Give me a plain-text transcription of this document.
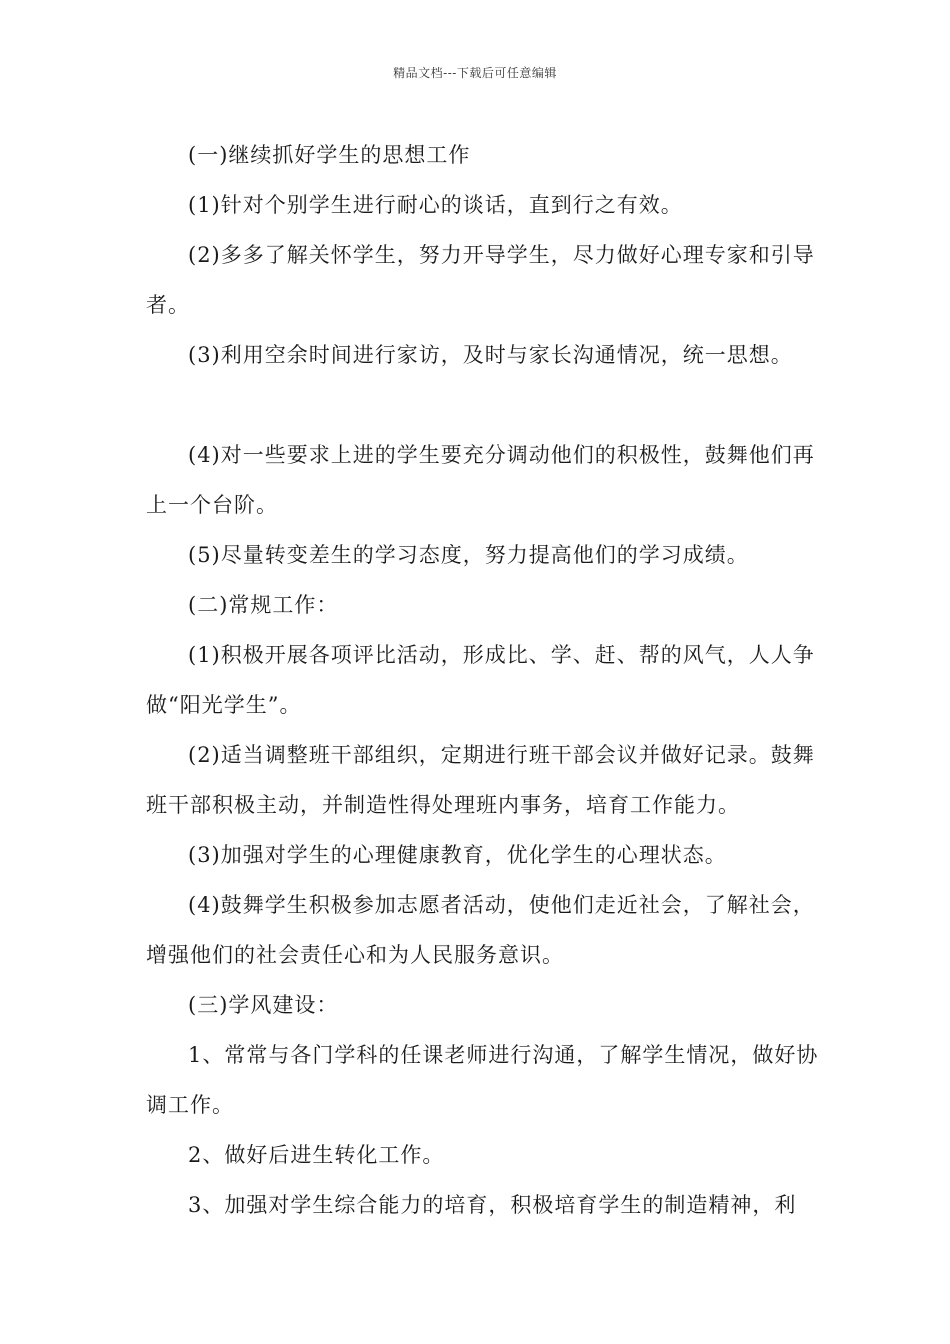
精品文档---下载后可任意编辑

(一)继续抓好学生的思想工作

(1)针对个别学生进行耐心的谈话，直到行之有效。

(2)多多了解关怀学生，努力开导学生，尽力做好心理专家和引导者。

(3)利用空余时间进行家访，及时与家长沟通情况，统一思想。

(4)对一些要求上进的学生要充分调动他们的积极性，鼓舞他们再上一个台阶。

(5)尽量转变差生的学习态度，努力提高他们的学习成绩。

(二)常规工作：

(1)积极开展各项评比活动，形成比、学、赶、帮的风气，人人争做“阳光学生”。

(2)适当调整班干部组织，定期进行班干部会议并做好记录。鼓舞班干部积极主动，并制造性得处理班内事务，培育工作能力。

(3)加强对学生的心理健康教育，优化学生的心理状态。

(4)鼓舞学生积极参加志愿者活动，使他们走近社会，了解社会，增强他们的社会责任心和为人民服务意识。

(三)学风建设：

1、常常与各门学科的任课老师进行沟通，了解学生情况，做好协调工作。

2、做好后进生转化工作。

3、加强对学生综合能力的培育，积极培育学生的制造精神，利
